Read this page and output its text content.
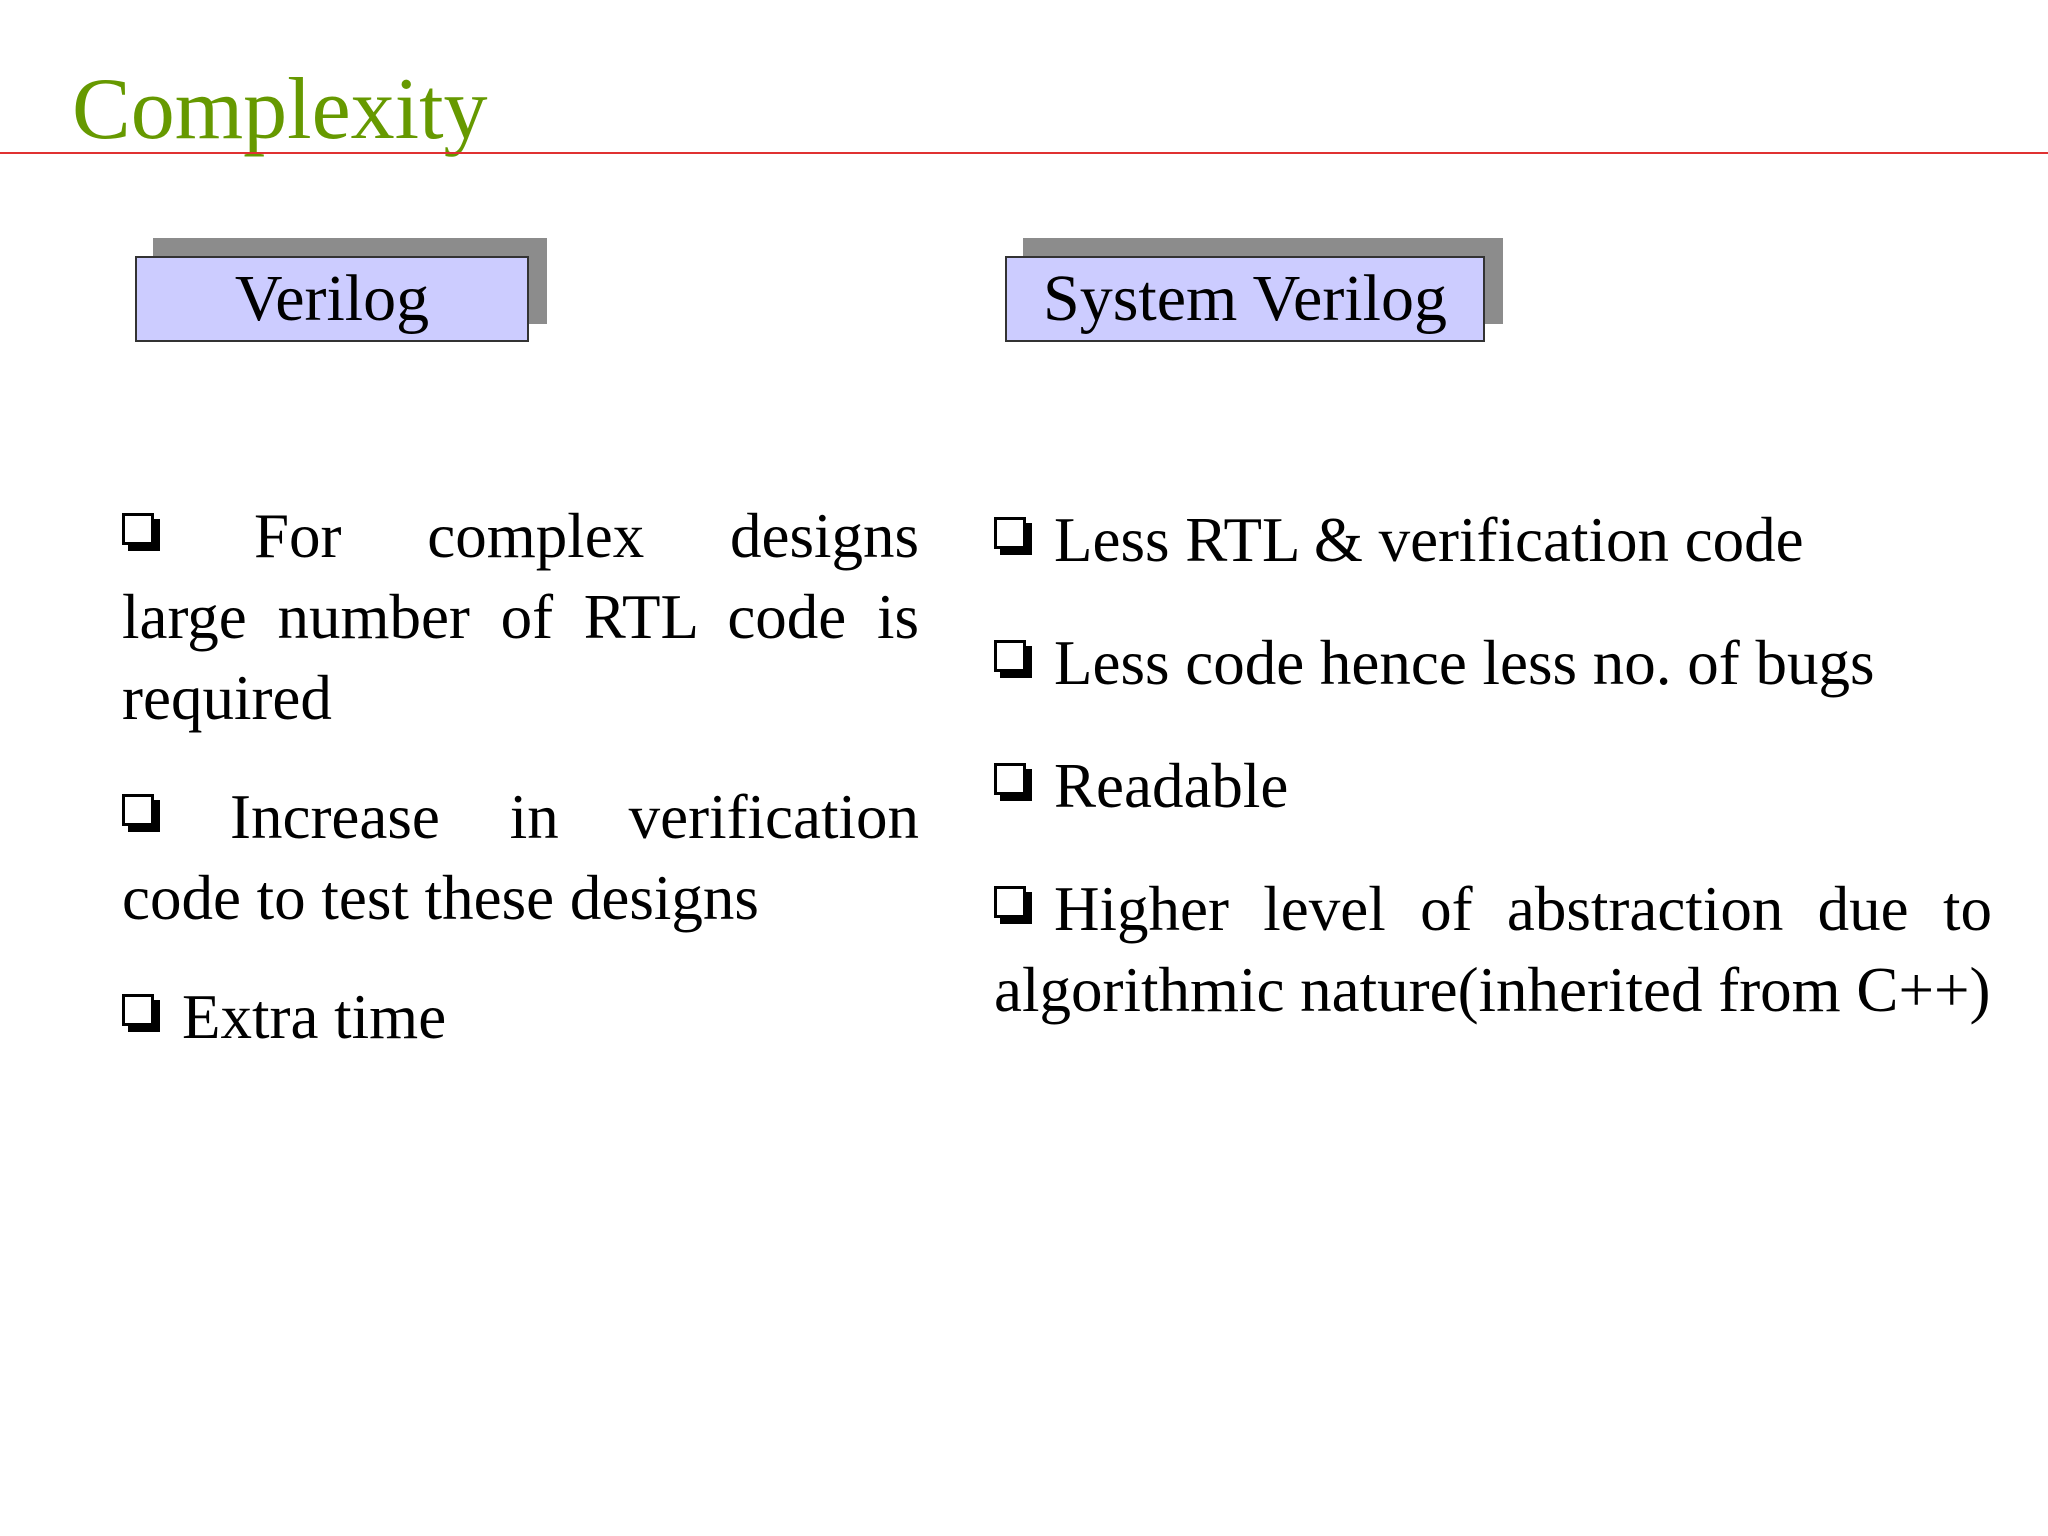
Complexity
Verilog	System Verilog
For complex designs large number of RTL code is required
Increase in verification code to test these designs
Extra time
Less RTL & verification code
Less code hence less no. of bugs
Readable
Higher level of abstraction due to algorithmic nature(inherited from C++)
